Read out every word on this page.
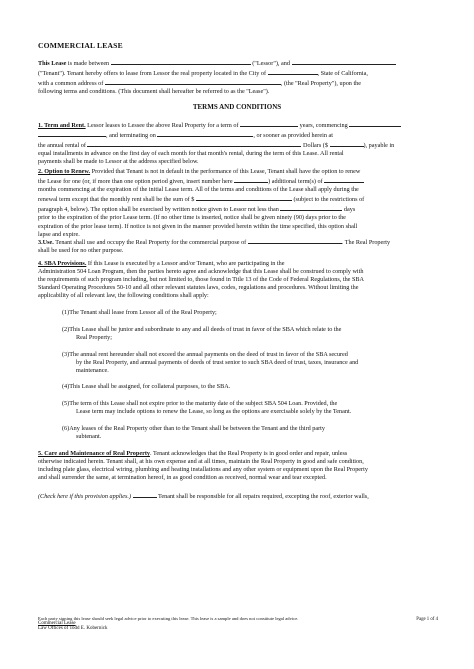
COMMERCIAL LEASE
This Lease is made between	("Lessor"), and
("Tenant"). Tenant hereby offers to lease from Lessor the real property located in the City of	, State of California,
with a common address of	, (the "Real Property"), upon the
following terms and conditions. (This document shall hereafter be referred to as the "Lease").
TERMS AND CONDITIONS
1. Term and Rent. Lessor leases to Lessee the above Real Property for a term of	years, commencing
, and terminating on	, or sooner as provided herein at
the annual rental of	Dollars ($	), payable in
equal installments in advance on the first day of each month for that month's rental, during the term of this Lease. All rental
payments shall be made to Lessor at the address specified below.
2. Option to Renew. Provided that Tenant is not in default in the performance of this Lease, Tenant shall have the option to renew
the Lease for one (or, if more than one option period given, insert number here	) additional term(s) of
months commencing at the expiration of the initial Lease term. All of the terms and conditions of the Lease shall apply during the
renewal term except that the monthly rent shall be the sum of $	(subject to the restrictions of
paragraph 4, below). The option shall be exercised by written notice given to Lessor not less than	days
prior to the expiration of the prior Lease term. (If no other time is inserted, notice shall be given ninety (90) days prior to the
expiration of the prior lease term). If notice is not given in the manner provided herein within the time specified, this option shall
lapse and expire.
3.Use. Tenant shall use and occupy the Real Property for the commercial purpose of	. The Real Property
shall be used for no other purpose.
4. SBA Provisions. If this Lease is executed by a Lessor and/or Tenant, who are participating in the
Administration 504 Loan Program, then the parties hereto agree and acknowledge that this Lease shall be construed to comply with
the requirements of such program including, but not limited to, those found in Title 13 of the Code of Federal Regulations, the SBA
Standard Operating Procedures 50-10 and all other relevant statutes laws, codes, regulations and procedures. Without limiting the
applicability of all relevant law, the following conditions shall apply:
(1)The Tenant shall lease from Lessor all of the Real Property;
(2)This Lease shall be junior and subordinate to any and all deeds of trust in favor of the SBA which relate to the
Real Property;
(3)The annual rent hereunder shall not exceed the annual payments on the deed of trust in favor of the SBA secured
by the Real Property, and annual payments of deeds of trust senior to such SBA deed of trust, taxes, insurance and
maintenance.
(4)This Lease shall be assigned, for collateral purposes, to the SBA.
(5)The term of this Lease shall not expire prior to the maturity date of the subject SBA 504 Loan. Provided, the
Lease term may include options to renew the Lease, so long as the options are exercisable solely by the Tenant.
(6)Any leases of the Real Property other than to the Tenant shall be between the Tenant and the third party
subtenant.
5. Care and Maintenance of Real Property. Tenant acknowledges that the Real Property is in good order and repair, unless
otherwise indicated herein. Tenant shall, at his own expense and at all times, maintain the Real Property in good and safe condition,
including plate glass, electrical wiring, plumbing and heating installations and any other system or equipment upon the Real Property
and shall surrender the same, at termination hereof, in as good condition as received, normal wear and tear excepted.
(Check here if this provision applies.)	Tenant shall be responsible for all repairs required, excepting the roof, exterior walls,
Each party signing this lease should seek legal advice prior to executing this lease. This lease is a sample and does not constitute legal advice.
Commercial Lease
Law Offices of Todd E. Kobernick
Page 1 of 4
